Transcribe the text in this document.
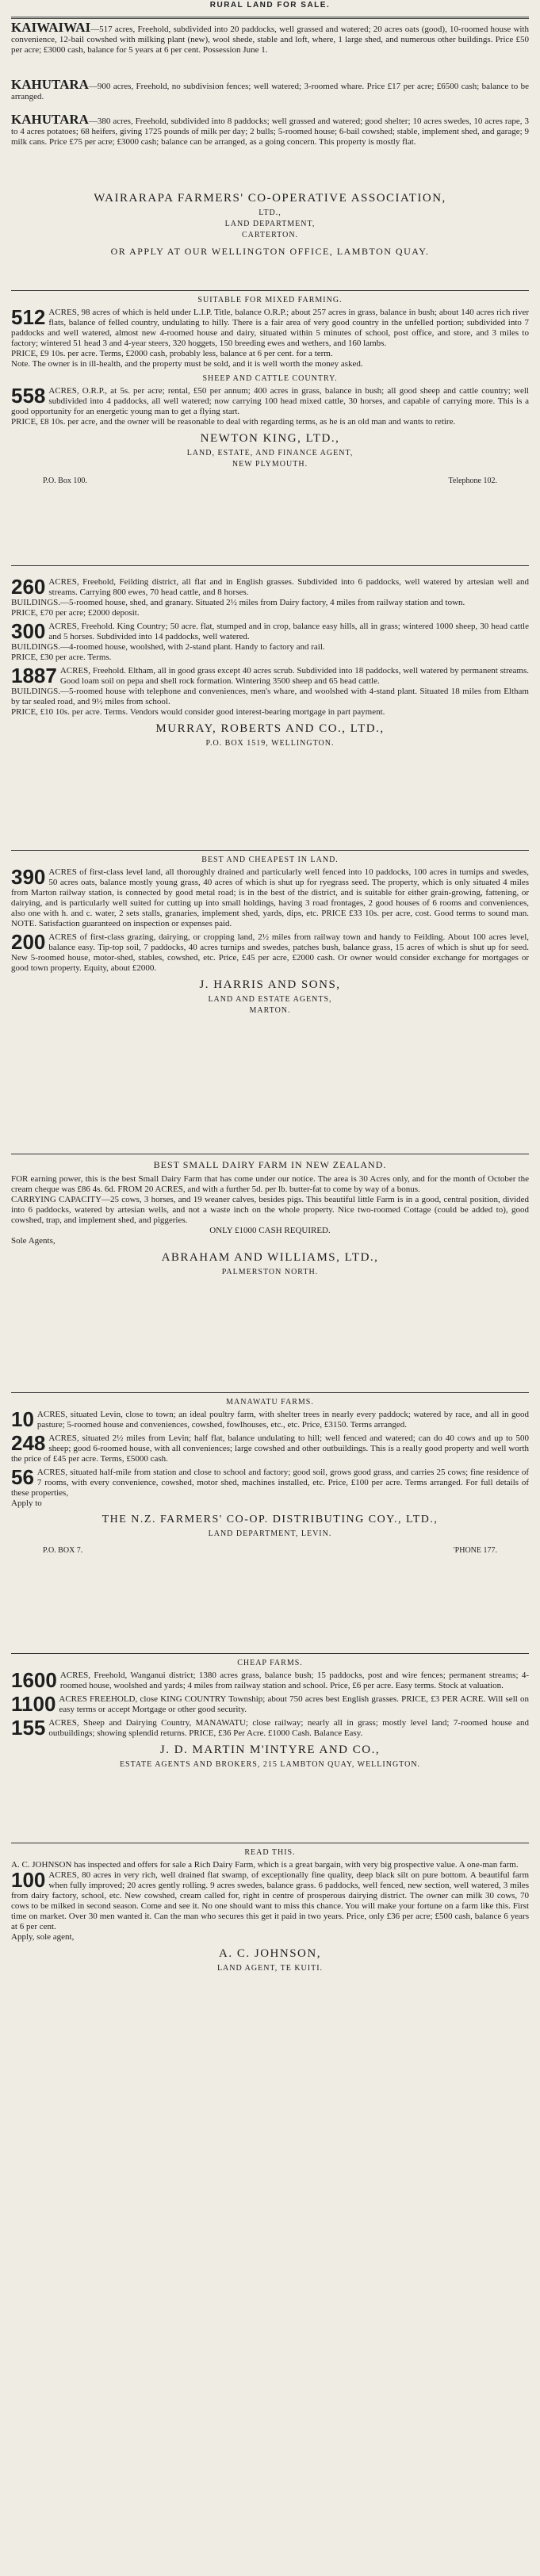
RURAL LAND FOR SALE.

KAIWAIWAI—517 acres, Freehold, subdivided into 20 paddocks, well grassed and watered; 20 acres oats (good), 10-roomed house with convenience, 12-bail cowshed with milking plant (new), wool shede, stable and loft, where, 1 large shed, and numerous other buildings. Price £50 per acre; £3000 cash, balance for 5 years at 6 per cent. Possession June 1.

KAHUTARA—900 acres, Freehold, no subdivision fences; well watered; 3-roomed whare. Price £17 per acre; £6500 cash; balance to be arranged.

KAHUTARA—380 acres, Freehold, subdivided into 8 paddocks; well grassed and watered; good shelter; 10 acres swedes, 10 acres rape, 3 to 4 acres potatoes; 68 heifers, giving 1725 pounds of milk per day; 2 bulls; 5-roomed house; 6-bail cowshed; stable, implement shed, and garage; 9 milk cans. Price £75 per acre; £3000 cash; balance can be arranged, as a going concern. This property is mostly flat.

WAIRARAPA FARMERS' CO-OPERATIVE ASSOCIATION,
LTD.,
LAND DEPARTMENT,
CARTERTON.
OR APPLY AT OUR WELLINGTON OFFICE, LAMBTON QUAY.
SUITABLE FOR MIXED FARMING.
512 ACRES, 98 acres of which is held under L.I.P. Title, balance O.R.P.; about 257 acres in grass, balance in bush; about 140 acres rich river flats, balance of felled country, undulating to hilly. There is a fair area of very good country in the unfelled portion; subdivided into 7 paddocks and well watered, almost new 4-roomed house and dairy, situated within 5 minutes of school, post office, and store, and 3 miles to factory; wintered 51 head 3 and 4-year steers, 320 hoggets, 150 breeding ewes and wethers, and 160 lambs.

PRICE, £9 10s. per acre. Terms, £2000 cash, probably less, balance at 6 per cent. for a term.

Note. The owner is in ill-health, and the property must be sold, and it is well worth the money asked.

SHEEP AND CATTLE COUNTRY.
558 ACRES, O.R.P., at 5s. per acre; rental, £50 per annum; 400 acres in grass, balance in bush; all good sheep and cattle country; well subdivided into 4 paddocks, all well watered; now carrying 100 head mixed cattle, 30 horses, and capable of carrying more. This is a good opportunity for an energetic young man to get a flying start.

PRICE, £8 10s. per acre, and the owner will be reasonable to deal with regarding terms, as he is an old man and wants to retire.

NEWTON KING, LTD.,
LAND, ESTATE, AND FINANCE AGENT,
NEW PLYMOUTH.
P.O. Box 100.	Telephone 102.
260 ACRES, Freehold, Feilding district, all flat and in English grasses. Subdivided into 6 paddocks, well watered by artesian well and streams. Carrying 800 ewes, 70 head cattle, and 8 horses.

BUILDINGS.—5-roomed house, shed, and granary. Situated 2½ miles from Dairy factory, 4 miles from railway station and town.

PRICE, £70 per acre; £2000 deposit.

300 ACRES, Freehold. King Country; 50 acre. flat, stumped and in crop, balance easy hills, all in grass; wintered 1000 sheep, 30 head cattle and 5 horses. Subdivided into 14 paddocks, well watered.

BUILDINGS.—4-roomed house, woolshed, with 2-stand plant. Handy to factory and rail.

PRICE, £30 per acre. Terms.

1887 ACRES, Freehold. Eltham, all in good grass except 40 acres scrub. Subdivided into 18 paddocks, well watered by permanent streams. Good loam soil on pepa and shell rock formation. Wintering 3500 sheep and 65 head cattle.

BUILDINGS.—5-roomed house with telephone and conveniences, men's whare, and woolshed with 4-stand plant. Situated 18 miles from Eltham by tar sealed road, and 9½ miles from school.

PRICE, £10 10s. per acre. Terms. Vendors would consider good interest-bearing mortgage in part payment.

MURRAY, ROBERTS AND CO., LTD.,
P.O. BOX 1519, WELLINGTON.
BEST AND CHEAPEST IN LAND.
390 ACRES of first-class level land, all thoroughly drained and particularly well fenced into 10 paddocks, 100 acres in turnips and swedes, 50 acres oats, balance mostly young grass, 40 acres of which is shut up for ryegrass seed. The property, which is only situated 4 miles from Marton railway station, is connected by good metal road; is in the best of the district, and is suitable for either grain-growing, fattening, or dairying, and is particularly well suited for cutting up into small holdings, having 3 road frontages, 2 good houses of 6 rooms and conveniences, also one with h. and c. water, 2 sets stalls, granaries, implement shed, yards, dips, etc. PRICE £33 10s. per acre, cost. Good terms to sound man. NOTE. Satisfaction guaranteed on inspection or expenses paid.

200 ACRES of first-class grazing, dairying, or cropping land, 2½ miles from railway town and handy to Feilding. About 100 acres level, balance easy. Tip-top soil, 7 paddocks, 40 acres turnips and swedes, patches bush, balance grass, 15 acres of which is shut up for seed. New 5-roomed house, motor-shed, stables, cowshed, etc. Price, £45 per acre, £2000 cash. Or owner would consider exchange for mortgages or good town property. Equity, about £2000.

J. HARRIS AND SONS,
LAND AND ESTATE AGENTS,
MARTON.
BEST SMALL DAIRY FARM IN NEW ZEALAND.

FOR earning power, this is the best Small Dairy Farm that has come under our notice. The area is 30 Acres only, and for the month of October the cream cheque was £86 4s. 6d. FROM 20 ACRES, and with a further 5d. per lb. butter-fat to come by way of a bonus.

CARRYING CAPACITY—25 cows, 3 horses, and 19 weaner calves, besides pigs. This beautiful little Farm is in a good, central position, divided into 6 paddocks, watered by artesian wells, and not a waste inch on the whole property. Nice two-roomed Cottage (could be added to), good cowshed, trap, and implement shed, and piggeries.

ONLY £1000 CASH REQUIRED.

Sole Agents,

ABRAHAM AND WILLIAMS, LTD.,
PALMERSTON NORTH.
MANAWATU FARMS.
10 ACRES, situated Levin, close to town; an ideal poultry farm, with shelter trees in nearly every paddock; watered by race, and all in good pasture; 5-roomed house and conveniences, cowshed, fowlhouses, etc., etc. Price, £3150. Terms arranged.

248 ACRES, situated 2½ miles from Levin; half flat, balance undulating to hill; well fenced and watered; can do 40 cows and up to 500 sheep; good 6-roomed house, with all conveniences; large cowshed and other outbuildings. This is a really good property and well worth the price of £45 per acre. Terms, £5000 cash.

56 ACRES, situated half-mile from station and close to school and factory; good soil, grows good grass, and carries 25 cows; fine residence of 7 rooms, with every convenience, cowshed, motor shed, machines installed, etc. Price, £100 per acre. Terms arranged. For full details of these properties,

Apply to

THE N.Z. FARMERS' CO-OP. DISTRIBUTING COY., LTD.,
LAND DEPARTMENT, LEVIN.
P.O. BOX 7.	'PHONE 177.
CHEAP FARMS.
1600 ACRES, Freehold, Wanganui district; 1380 acres grass, balance bush; 15 paddocks, post and wire fences; permanent streams; 4-roomed house, woolshed and yards; 4 miles from railway station and school. Price, £6 per acre. Easy terms. Stock at valuation.

1100 ACRES FREEHOLD, close KING COUNTRY Township; about 750 acres best English grasses. PRICE, £3 PER ACRE. Will sell on easy terms or accept Mortgage or other good security.

155 ACRES, Sheep and Dairying Country, MANAWATU; close railway; nearly all in grass; mostly level land; 7-roomed house and outbuildings; showing splendid returns. PRICE, £36 Per Acre. £1000 Cash. Balance Easy.

J. D. MARTIN M'INTYRE AND CO.,
ESTATE AGENTS AND BROKERS, 215 LAMBTON QUAY, WELLINGTON.
READ THIS.

A. C. JOHNSON has inspected and offers for sale a Rich Dairy Farm, which is a great bargain, with very big prospective value. A one-man farm.

100 ACRES, 80 acres in very rich, well drained flat swamp, of exceptionally fine quality, deep black silt on pure bottom. A beautiful farm when fully improved; 20 acres gently rolling. 9 acres swedes, balance grass. 6 paddocks, well fenced, new section, well watered, 3 miles from dairy factory, school, etc. New cowshed, cream called for, right in centre of prosperous dairying district. The owner can milk 30 cows, 70 cows to be milked in second season. Come and see it. No one should want to miss this chance. You will make your fortune on a farm like this. First time on market. Over 30 men wanted it. Can the man who secures this get it paid in two years. Price, only £36 per acre; £500 cash, balance 6 years at 6 per cent.

Apply, sole agent,

A. C. JOHNSON,
LAND AGENT, TE KUITI.
